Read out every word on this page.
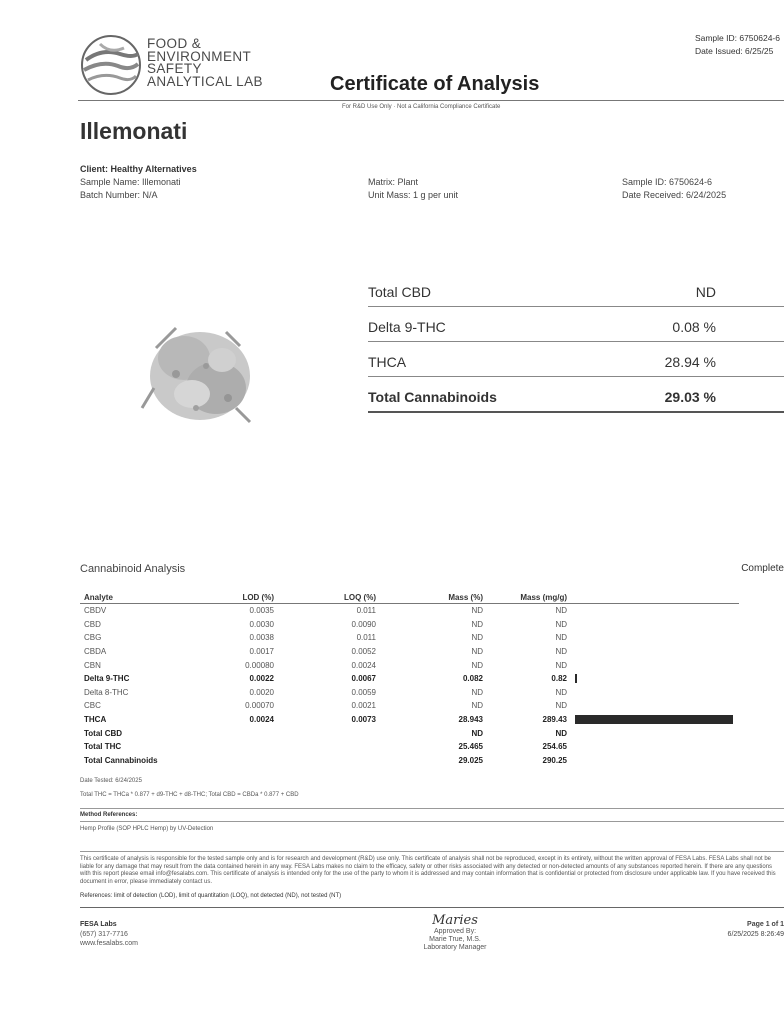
FOOD &
ENVIRONMENT
SAFETY
ANALYTICAL LAB
Sample ID: 6750624-6
Date Issued: 6/25/25
Certificate of Analysis
For R&D Use Only · Not a California Compliance Certificate
Illemonati
Client: Healthy Alternatives
Sample Name: Illemonati
Batch Number: N/A
Matrix: Plant
Unit Mass: 1 g per unit
Sample ID: 6750624-6
Date Received: 6/24/2025
Total CBD	ND
Delta 9-THC	0.08 %
THCA	28.94 %
Total Cannabinoids	29.03 %
Cannabinoid Analysis	Complete
Analyte	LOD (%)	LOQ (%)	Mass (%)	Mass (mg/g)	
CBDV	0.0035	0.011	ND	ND	
CBD	0.0030	0.0090	ND	ND	
CBG	0.0038	0.011	ND	ND	
CBDA	0.0017	0.0052	ND	ND	
CBN	0.00080	0.0024	ND	ND	
Delta 9-THC	0.0022	0.0067	0.082	0.82	
Delta 8-THC	0.0020	0.0059	ND	ND	
CBC	0.00070	0.0021	ND	ND	
THCA	0.0024	0.0073	28.943	289.43	
Total CBD			ND	ND	
Total THC			25.465	254.65	
Total Cannabinoids			29.025	290.25	
Date Tested: 6/24/2025
Total THC = THCa * 0.877 + d9-THC + d8-THC; Total CBD = CBDa * 0.877 + CBD
Method References:
Hemp Profile (SOP HPLC Hemp) by UV-Detection
This certificate of analysis is responsible for the tested sample only and is for research and development (R&D) use only. This certificate of analysis shall not be reproduced, except in its entirety, without the written approval of FESA Labs. FESA Labs shall not be liable for any damage that may result from the data contained herein in any way. FESA Labs makes no claim to the efficacy, safety or other risks associated with any detected or non-detected amounts of any substances reported herein. If there are any questions with this report please email info@fesalabs.com. This certificate of analysis is intended only for the use of the party to whom it is addressed and may contain information that is confidential or protected from disclosure under applicable law. If you have received this document in error, please immediately contact us.
References: limit of detection (LOD), limit of quantitation (LOQ), not detected (ND), not tested (NT)
FESA Labs
(657) 317-7716
www.fesalabs.com
Maries
Approved By:
Marie True, M.S.
Laboratory Manager
Page 1 of 1
6/25/2025 8:26:49
